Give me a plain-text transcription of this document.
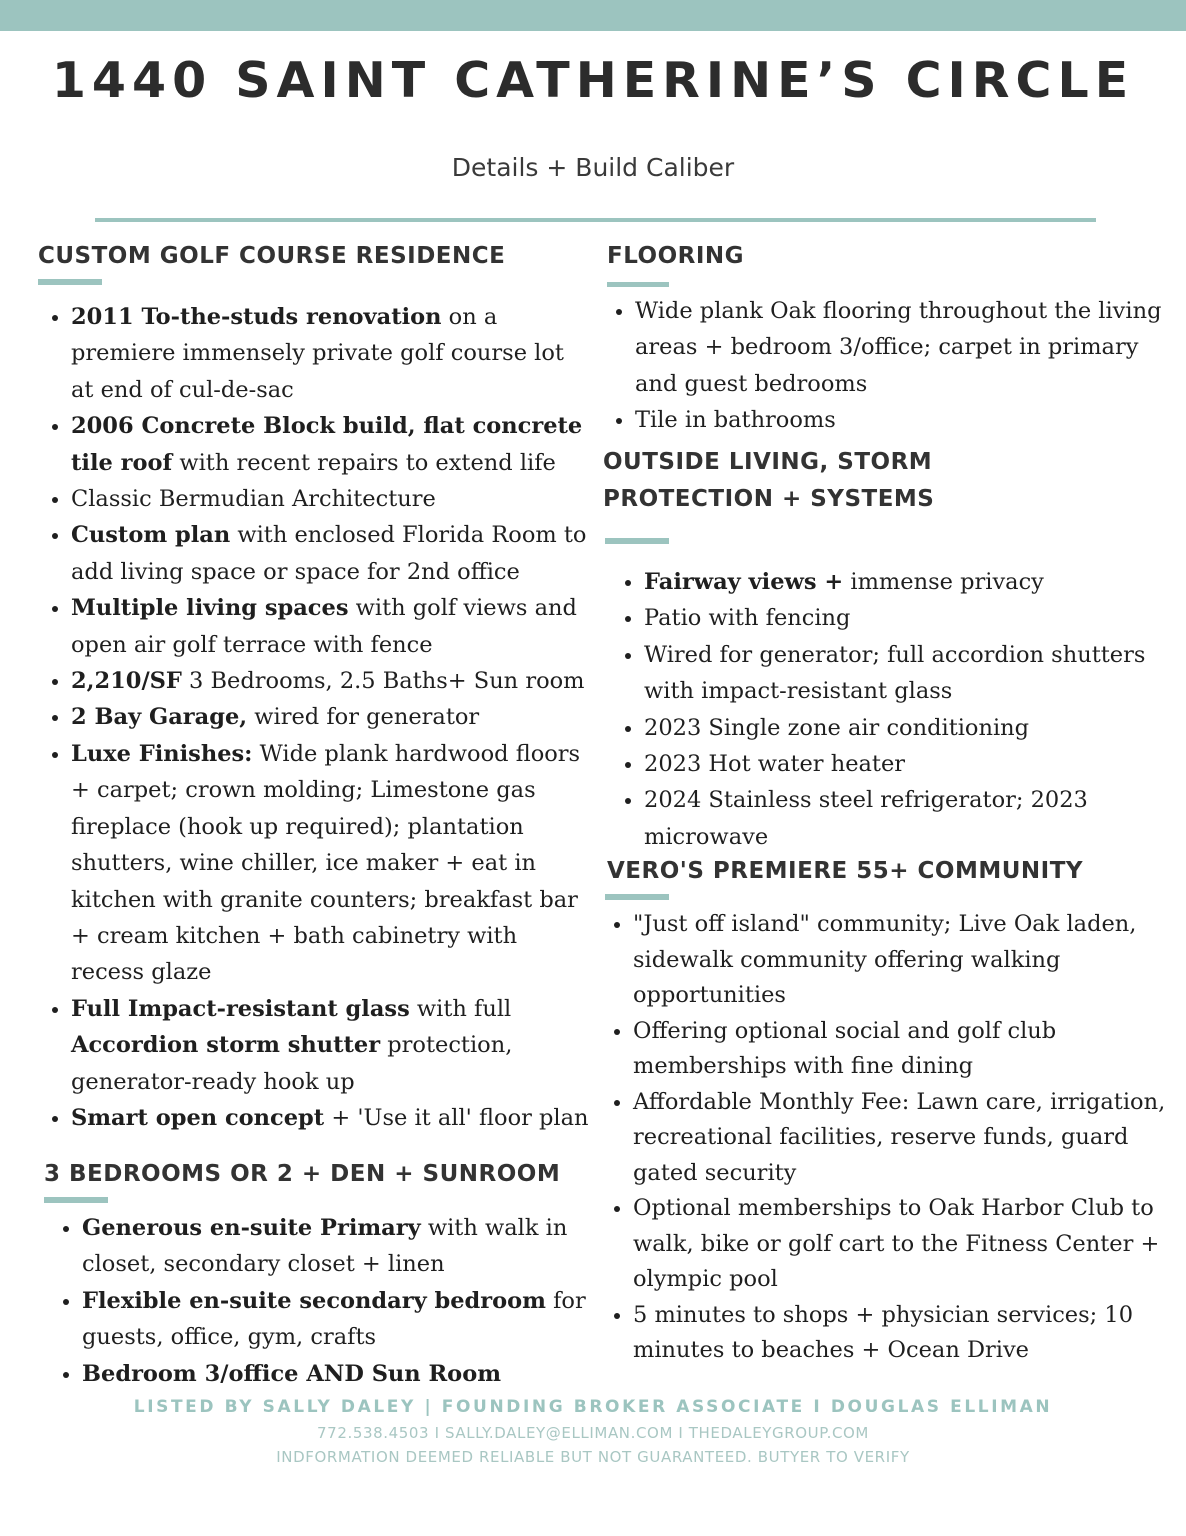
1440 SAINT CATHERINE’S CIRCLE
Details + Build Caliber
CUSTOM GOLF COURSE RESIDENCE
• 2011 To-the-studs renovation on a premiere immensely private golf course lot at end of cul-de-sac
• 2006 Concrete Block build, flat concrete tile roof with recent repairs to extend life
• Classic Bermudian Architecture
• Custom plan with enclosed Florida Room to add living space or space for 2nd office
• Multiple living spaces with golf views and open air golf terrace with fence
• 2,210/SF 3 Bedrooms, 2.5 Baths+ Sun room
• 2 Bay Garage, wired for generator
• Luxe Finishes: Wide plank hardwood floors + carpet; crown molding; Limestone gas fireplace (hook up required); plantation shutters, wine chiller, ice maker + eat in kitchen with granite counters; breakfast bar + cream kitchen + bath cabinetry with recess glaze
• Full Impact-resistant glass with full Accordion storm shutter protection, generator-ready hook up
• Smart open concept + 'Use it all' floor plan
3 BEDROOMS OR 2 + DEN + SUNROOM
• Generous en-suite Primary with walk in closet, secondary closet + linen
• Flexible en-suite secondary bedroom for guests, office, gym, crafts
• Bedroom 3/office AND Sun Room
FLOORING
• Wide plank Oak flooring throughout the living areas + bedroom 3/office; carpet in primary and guest bedrooms
• Tile in bathrooms
OUTSIDE LIVING, STORM
PROTECTION + SYSTEMS
• Fairway views + immense privacy
• Patio with fencing
• Wired for generator; full accordion shutters with impact-resistant glass
• 2023 Single zone air conditioning
• 2023 Hot water heater
• 2024 Stainless steel refrigerator; 2023 microwave
VERO'S PREMIERE 55+ COMMUNITY
• "Just off island" community; Live Oak laden, sidewalk community offering walking opportunities
• Offering optional social and golf club memberships with fine dining
• Affordable Monthly Fee: Lawn care, irrigation, recreational facilities, reserve funds, guard gated security
• Optional memberships to Oak Harbor Club to walk, bike or golf cart to the Fitness Center + olympic pool
• 5 minutes to shops + physician services; 10 minutes to beaches + Ocean Drive
LISTED BY SALLY DALEY | FOUNDING BROKER ASSOCIATE I DOUGLAS ELLIMAN
772.538.4503 I SALLY.DALEY@ELLIMAN.COM I THEDALEYGROUP.COM
INDFORMATION DEEMED RELIABLE BUT NOT GUARANTEED. BUTYER TO VERIFY
